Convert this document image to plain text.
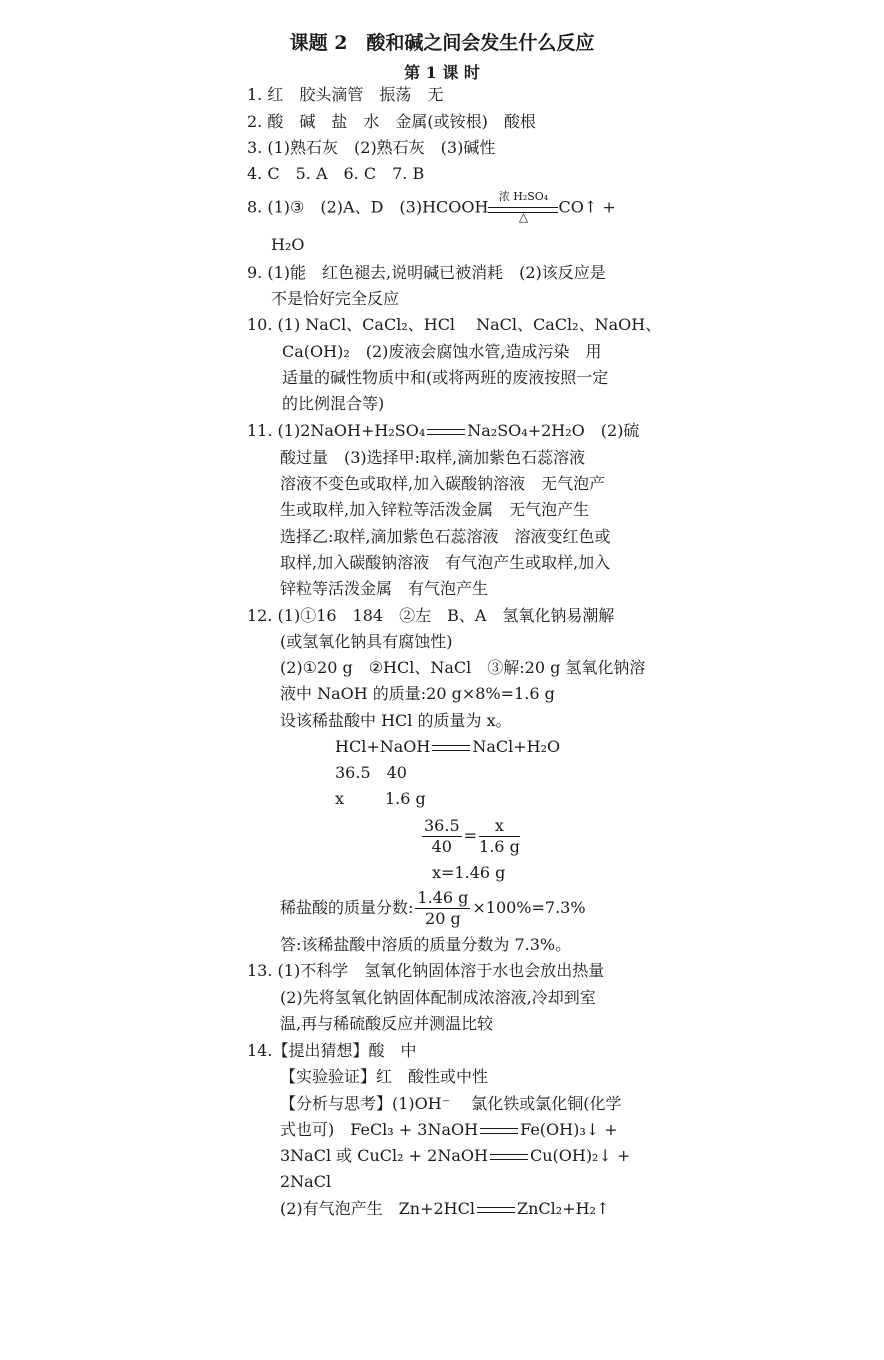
课题 2　酸和碱之间会发生什么反应
第 1 课 时
1. 红　胶头滴管　振荡　无
2. 酸　碱　盐　水　金属(或铵根)　酸根
3. (1)熟石灰　(2)熟石灰　(3)碱性
4. C　5. A　6. C　7. B
8. (1)③　(2)A、D　(3)HCOOH
浓 H₂SO₄
△
CO↑ +
H₂O
9. (1)能　红色褪去,说明碱已被消耗　(2)该反应是
不是恰好完全反应
10. (1) NaCl、CaCl₂、HCl　 NaCl、CaCl₂、NaOH、
Ca(OH)₂　(2)废液会腐蚀水管,造成污染　用
适量的碱性物质中和(或将两班的废液按照一定
的比例混合等)
11. (1)2NaOH+H₂SO₄	Na₂SO₄+2H₂O　(2)硫
酸过量　(3)选择甲:取样,滴加紫色石蕊溶液
溶液不变色或取样,加入碳酸钠溶液　无气泡产
生或取样,加入锌粒等活泼金属　无气泡产生
选择乙:取样,滴加紫色石蕊溶液　溶液变红色或
取样,加入碳酸钠溶液　有气泡产生或取样,加入
锌粒等活泼金属　有气泡产生
12. (1)①16　184　②左　B、A　氢氧化钠易潮解
(或氢氧化钠具有腐蚀性)
(2)①20 g　②HCl、NaCl　③解:20 g 氢氧化钠溶
液中 NaOH 的质量:20 g×8%=1.6 g
设该稀盐酸中 HCl 的质量为 x。
HCl+NaOH	NaCl+H₂O
36.5　40
x	1.6 g
$\frac{36.5}{40} = \frac{x}{1.6 g}$
x=1.46 g
稀盐酸的质量分数: $\frac{1.46 g}{20 g} \times 100\%=7.3\%$
答:该稀盐酸中溶质的质量分数为 7.3%。
13. (1)不科学　氢氧化钠固体溶于水也会放出热量
(2)先将氢氧化钠固体配制成浓溶液,冷却到室
温,再与稀硫酸反应并测温比较
14.【提出猜想】酸　中
【实验验证】红　酸性或中性
【分析与思考】(1)OH⁻　 氯化铁或氯化铜(化学
式也可)　FeCl₃ + 3NaOH	Fe(OH)₃↓ +
3NaCl 或 CuCl₂ + 2NaOH	Cu(OH)₂↓ +
2NaCl
(2)有气泡产生　Zn+2HCl	ZnCl₂+H₂↑
